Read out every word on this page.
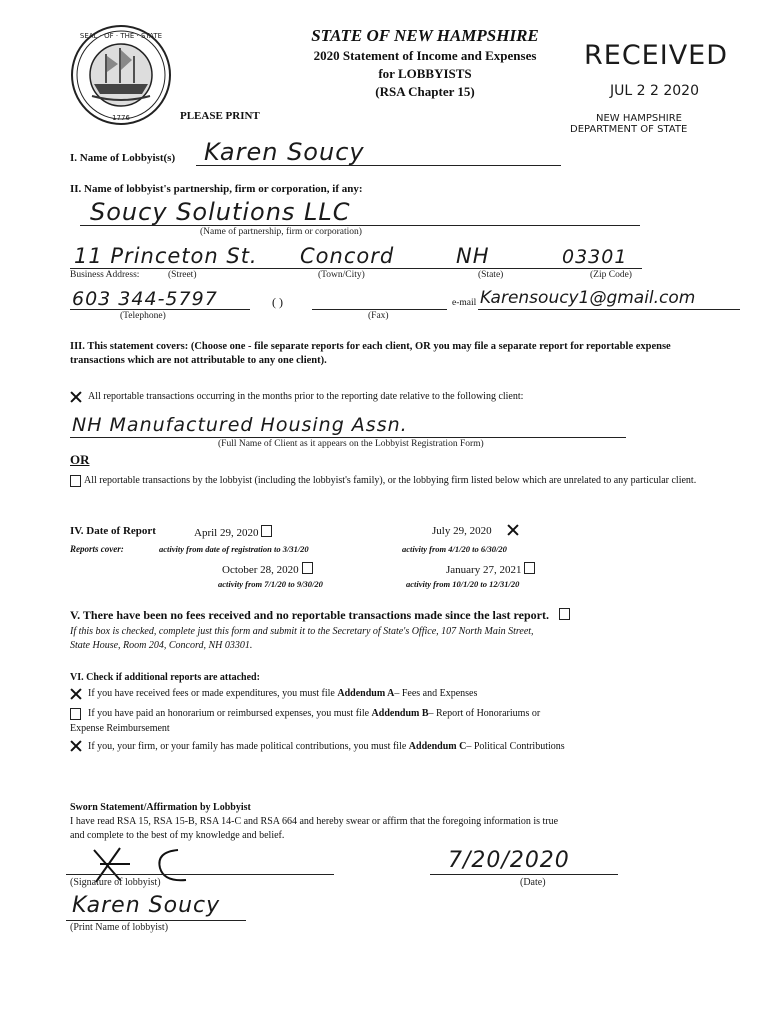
SEAL · OF · THE · STATE
1776
STATE OF NEW HAMPSHIRE
2020 Statement of Income and Expenses
for LOBBYISTS
(RSA Chapter 15)
PLEASE PRINT
RECEIVED
JUL 2 2 2020
NEW HAMPSHIRE
DEPARTMENT OF STATE
I. Name of Lobbyist(s) Karen Soucy
II. Name of lobbyist's partnership, firm or corporation, if any:
Soucy Solutions LLC
(Name of partnership, firm or corporation)
11 Princeton St. Concord	NH	03301
Business Address:	(Street)	(Town/City)	(State)	(Zip Code)
603 344-5797
(Telephone)
( )
(Fax)
e-mail Karensoucy1@gmail.com
III. This statement covers: (Choose one - file separate reports for each client, OR you may file a separate report for reportable expense transactions which are not attributable to any one client).
All reportable transactions occurring in the months prior to the reporting date relative to the following client:
NH Manufactured Housing Assn.
(Full Name of Client as it appears on the Lobbyist Registration Form)
OR
All reportable transactions by the lobbyist (including the lobbyist's family), or the lobbying firm listed below which are unrelated to any particular client.
IV. Date of Report
Reports cover:
April 29, 2020
activity from date of registration to 3/31/20
July 29, 2020
activity from 4/1/20 to 6/30/20
October 28, 2020
activity from 7/1/20 to 9/30/20
January 27, 2021
activity from 10/1/20 to 12/31/20
V. There have been no fees received and no reportable transactions made since the last report.
If this box is checked, complete just this form and submit it to the Secretary of State's Office, 107 North Main Street,
State House, Room 204, Concord, NH 03301.
VI. Check if additional reports are attached:
If you have received fees or made expenditures, you must file Addendum A– Fees and Expenses
If you have paid an honorarium or reimbursed expenses, you must file Addendum B– Report of Honorariums or
Expense Reimbursement
If you, your firm, or your family has made political contributions, you must file Addendum C– Political Contributions
Sworn Statement/Affirmation by Lobbyist
I have read RSA 15, RSA 15-B, RSA 14-C and RSA 664 and hereby swear or affirm that the foregoing information is true
and complete to the best of my knowledge and belief.
(Signature of lobbyist)
7/20/2020
(Date)
Karen Soucy
(Print Name of lobbyist)
